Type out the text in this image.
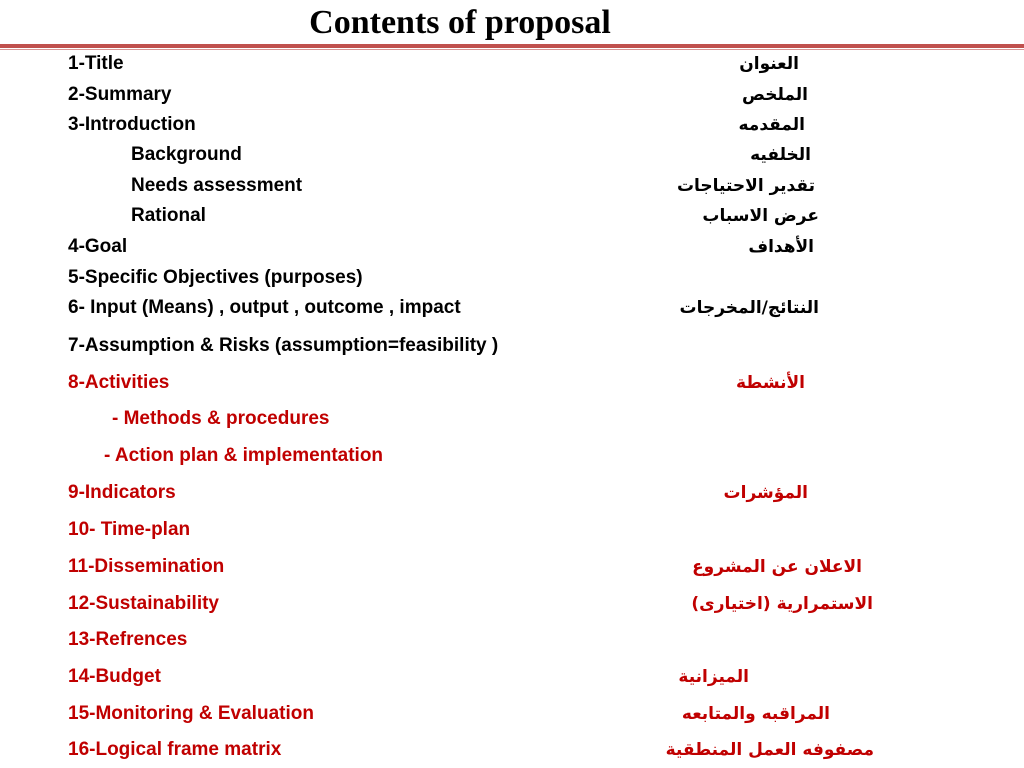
Contents of proposal
1-Title	العنوان
2-Summary	الملخص
3-Introduction	المقدمه
Background	الخلفيه
Needs assessment	تقدير الاحتياجات
Rational	عرض الاسباب
4-Goal	الأهداف
5-Specific Objectives (purposes)
6- Input (Means) , output , outcome , impact	النتائج/المخرجات
7-Assumption & Risks (assumption=feasibility )
8-Activities	الأنشطة
- Methods & procedures
- Action plan & implementation
9-Indicators	المؤشرات
10- Time-plan
11-Dissemination	الاعلان عن المشروع
12-Sustainability	الاستمرارية (اختيارى)
13-Refrences
14-Budget	الميزانية
15-Monitoring & Evaluation	المراقبه والمتابعه
16-Logical frame matrix	مصفوفه العمل المنطقية
